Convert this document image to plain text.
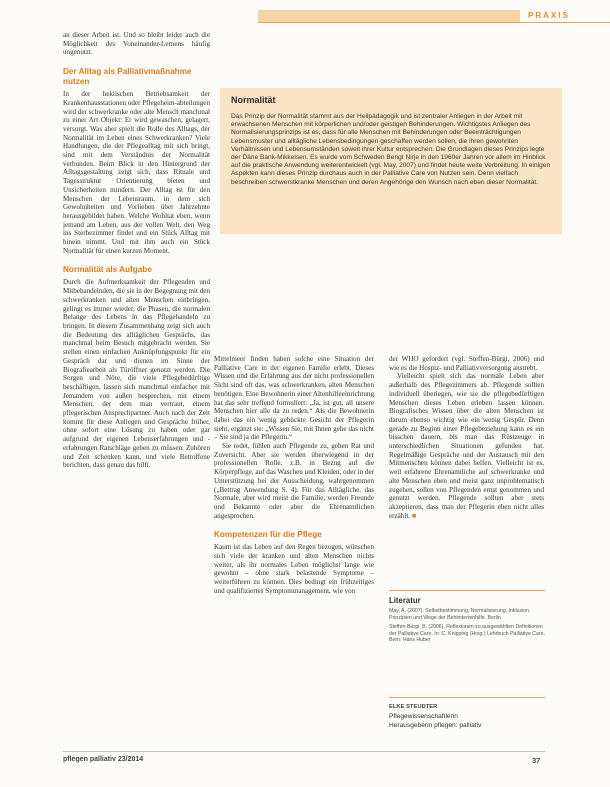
PRAXIS

an dieser Arbeit ist. Und so bleibt leider auch die Möglichkeit des Voneinander-Lernens häufig ungenutzt.

Der Alltag als Palliativmaßnahme nutzen

In der hektischen Betriebsamkeit der Krankenhausstationen oder Pflegeheim-abteilungen wird der schwerkranke oder alte Mensch manchmal zu einer Art Objekt: Er wird gewaschen, gelagert, versorgt. Was aber spielt die Rolle des Alltags, der Normalität im Leben eines Schwerkranken? Viele Handlungen, die der Pflegealltag mit sich bringt, sind mit dem Verständnis der Normalität verbunden. Beim Blick in den Hintergrund der Alltagsgestaltung zeigt sich, dass Rituale und Tagesstruktur Orientierung bieten und Unsicherheiten mindern. Der Alltag ist für den Menschen der Lebensraum, in dem sich Gewohnheiten und Vorlieben über Jahrzehnte herausgebildet haben. Welche Wohltat eben, wenn jemand am Leben, aus der vollen Welt, den Weg ins Sterbezimmer findet und ein Stück Alltag mit hinein nimmt. Und mit ihm auch ein Stück Normalität für einen kurzen Moment.

Normalität als Aufgabe

Durch die Aufmerksamkeit der Pflegenden und Mitbehandelnden, die sie in der Begegnung mit den schwerkranken und alten Menschen einbringen, gelingt es immer wieder, die Phasen, die normalen Belange des Lebens in das Pflegehandeln zu bringen. In diesem Zusammenhang zeigt sich auch die Bedeutung des alltäglichen Gesprächs, das manchmal beim Besuch mitgebracht werden. Sie stellen einen einfachen Anknüpfungspunkt für ein Gespräch dar und dienen im Sinne der Biografiearbeit als Türöffner genutzt werden. Die Sorgen und Nöte, die viele Pflegebedürftige beschäftigen, lassen sich manchmal einfacher mit Jemandem von außen besprechen, mit einem Menschen, der dem man vertraut, einem pflegerischen Ansprechpartner. Auch nach der Zeit kommt für diese Anliegen und Gespräche früher, ohne sofort eine Lösung zu haben oder gar aufgrund der eigenen Lebenserfahrungen und -erfahrungen Ratschläge geben zu müssen. Zuhören und Zeit schenken kann, und viele Betroffene berichten, dass genau das hilft.

Normalität

Das Prinzip der Normalität stammt aus der Heilpädagogik und ist zentraler Anliegen in der Arbeit mit erwachsenen Menschen mit körperlichen und/oder geistigen Behinderungen. Wichtigstes Anliegen des Normalisierungsprinzips ist es, dass für alle Menschen mit Behinderungen oder Beeinträchtigungen Lebensmuster und alltägliche Lebensbedingungen geschaffen werden sollen, die ihren gewohnten Verhältnissen und Lebensumständen soweit ihrer Kultur entsprechen. Die Grundlagen dieses Prinzips legte der Däne Bank-Mikkelsen. Es wurde vom Schweden Bengt Nirje in den 1960er Jahren vor allem im Hinblick auf die praktische Anwendung weiterentwickelt (vgl. May, 2007) und findet heute weite Verbreitung. In einigen Aspekten kann dieses Prinzip durchaus auch in der Palliative Care von Nutzen sein. Denn vielfach beschreiben schwerstkranke Menschen und deren Angehörige den Wunsch nach eben dieser Normalität.

Mittelmeer finden haben solche eine Situation der Palliative Care in der eigenen Familie erlebt. Dieses Wissen und die Erfahrung aus der nicht professionellen Sicht sind oft das, was schwerkranken, alten Menschen benötigen. Eine Bewohnerin einer Altenhilfeeinrichtung hat das sehr treffend formuliert: „Ja, ist gut, all unsere Menschen hier alle da zu reden.“ Als die Bewohnerin dabei das ein wenig gebückte Gesicht der Pflegerin sieht, ergänzt sie: „Wissen Sie, mit Ihnen gehe das nicht – Sie sind ja die Pflegerin.“

Sie redet, fühlen auch Pflegende zu, gehen Rat und Zuversicht. Aber sie werden überwiegend in der professionellen Rolle, z.B. in Bezug auf die Körperpflege, auf das Waschen und Kleiden, oder in der Unterstützung bei der Ausscheidung, wahrgenommen („Bettrag Anwendung S. 4). Für das Alltägliche, das Normale, aber wird meist die Familie, werden Freunde und Bekannte oder aber die Ehrenamtlichen angesprochen.

Kompetenzen für die Pflege

Kaum ist das Leben auf den Regen bezogen, wünschen sich viele der kranken und alten Menschen nichts weiter, als ihr normales Leben möglichst lange wie gewohnt – ohne stark belastende Symptome – weiterführen zu können. Dies bedingt ein frühzeitiges und qualifiziertes Symptommanagement, wie von

der WHO gefordert (vgl. Steffen-Bürgi, 2006) und wie es die Hospiz- und Palliativversorgung anstrebt.

Vielleicht spielt sich das normale Leben aber außerhalb des Pflegezimmers ab. Pflegende sollten individuell überlegen, wie sie die pflegebedürftigen Menschen dieses Leben erleben lassen können. Biografisches Wissen über die alten Menschen ist darum ebenso wichtig wie ein wenig Gespür. Denn gerade zu Beginn einer Pflegebeziehung kann es ein bisschen dauern, bis man das Rüstzeuge in unterschiedlichen Situationen gefunden hat. Regelmäßige Gespräche und der Austausch mit den Mitmenschen können dabei helfen. Vielleicht ist es, weil erfahrene Ehrenamtliche auf schwerkranke und alte Menschen eben und meist ganz unproblematisch zugehen, sollen von Pflegenden ernst genommen und genutzt werden. Pflegende sollten aber stets akzeptieren, dass man der Pflegerin eben nicht alles erzählt. ■

Literatur
May, A. (2007). Selbstbestimmung, Normalisierung, Inklusion. Prinzipien und Wege der Behindertenhilfe. Berlin
Steffen-Bürgi, B. (2006). Reflexionen zu ausgewählten Definitionen der Palliative Care. In: C. Knipping (Hrsg.) Lehrbuch Palliative Care. Bern: Hans Huber
ELKE STEUDTER
Pflegewissenschaftlerin
Herausgeberin pflegen: palliativ
pflegen palliativ 23/2014	37
